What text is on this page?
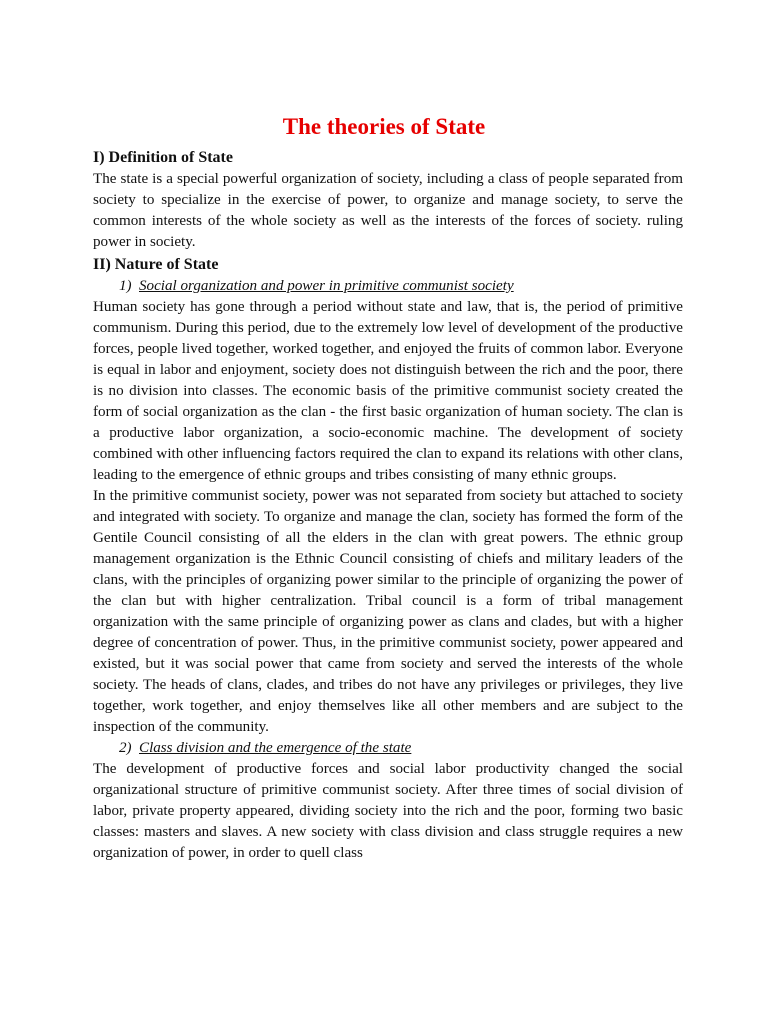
The theories of State
I) Definition of State

The state is a special powerful organization of society, including a class of people separated from society to specialize in the exercise of power, to organize and manage society, to serve the common interests of the whole society as well as the interests of the forces of society. ruling power in society.

II) Nature of State
1) Social organization and power in primitive communist society

Human society has gone through a period without state and law, that is, the period of primitive communism. During this period, due to the extremely low level of development of the productive forces, people lived together, worked together, and enjoyed the fruits of common labor. Everyone is equal in labor and enjoyment, society does not distinguish between the rich and the poor, there is no division into classes. The economic basis of the primitive communist society created the form of social organization as the clan - the first basic organization of human society. The clan is a productive labor organization, a socio-economic machine. The development of society combined with other influencing factors required the clan to expand its relations with other clans, leading to the emergence of ethnic groups and tribes consisting of many ethnic groups.

In the primitive communist society, power was not separated from society but attached to society and integrated with society. To organize and manage the clan, society has formed the form of the Gentile Council consisting of all the elders in the clan with great powers. The ethnic group management organization is the Ethnic Council consisting of chiefs and military leaders of the clans, with the principles of organizing power similar to the principle of organizing the power of the clan but with higher centralization. Tribal council is a form of tribal management organization with the same principle of organizing power as clans and clades, but with a higher degree of concentration of power. Thus, in the primitive communist society, power appeared and existed, but it was social power that came from society and served the interests of the whole society. The heads of clans, clades, and tribes do not have any privileges or privileges, they live together, work together, and enjoy themselves like all other members and are subject to the inspection of the community.

2) Class division and the emergence of the state

The development of productive forces and social labor productivity changed the social organizational structure of primitive communist society. After three times of social division of labor, private property appeared, dividing society into the rich and the poor, forming two basic classes: masters and slaves. A new society with class division and class struggle requires a new organization of power, in order to quell class
